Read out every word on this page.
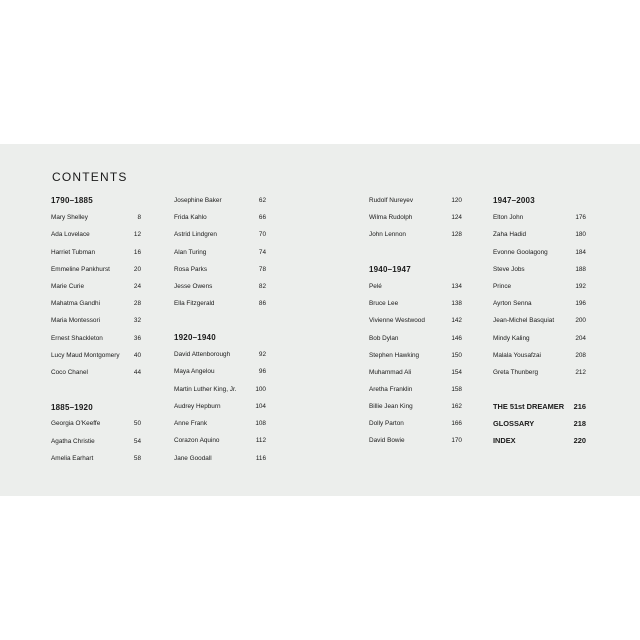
CONTENTS
1790–1885
Mary Shelley	8
Ada Lovelace	12
Harriet Tubman	16
Emmeline Pankhurst	20
Marie Curie	24
Mahatma Gandhi	28
Maria Montessori	32
Ernest Shackleton	36
Lucy Maud Montgomery 40
Coco Chanel	44
1885–1920
Georgia O’Keeffe	50
Agatha Christie	54
Amelia Earhart	58
Josephine Baker	62
Frida Kahlo	66
Astrid Lindgren	70
Alan Turing	74
Rosa Parks	78
Jesse Owens	82
Ella Fitzgerald	86
1920–1940
David Attenborough	92
Maya Angelou	96
Martin Luther King, Jr.	100
Audrey Hepburn	104
Anne Frank	108
Corazon Aquino	112
Jane Goodall	116
Rudolf Nureyev	120
Wilma Rudolph	124
John Lennon	128
1940–1947
Pelé	134
Bruce Lee	138
Vivienne Westwood	142
Bob Dylan	146
Stephen Hawking	150
Muhammad Ali	154
Aretha Franklin	158
Billie Jean King	162
Dolly Parton	166
David Bowie	170
1947–2003
Elton John	176
Zaha Hadid	180
Evonne Goolagong	184
Steve Jobs	188
Prince	192
Ayrton Senna	196
Jean-Michel Basquiat	200
Mindy Kaling	204
Malala Yousafzai	208
Greta Thunberg	212
THE 51st DREAMER 216
GLOSSARY	218
INDEX	220
